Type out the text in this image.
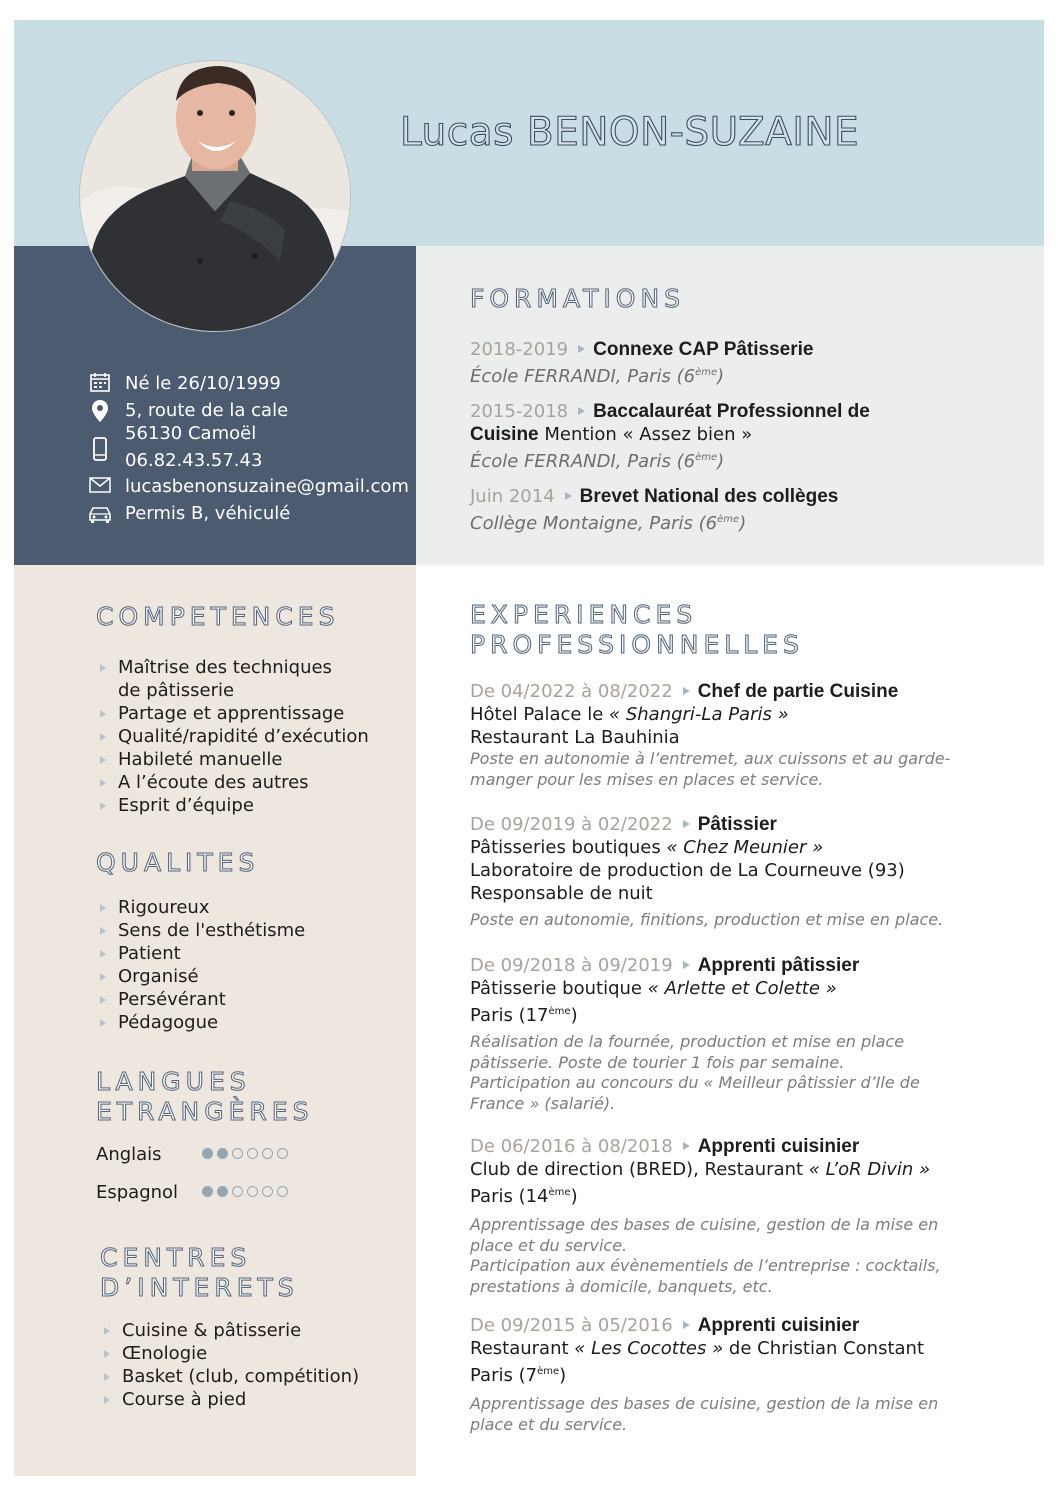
Lucas BENON-SUZAINE
Né le 26/10/1999
5, route de la cale
56130 Camoël
06.82.43.57.43
lucasbenonsuzaine@gmail.com
Permis B, véhiculé
FORMATIONS
2018-2019 Connexe CAP Pâtisserie
École FERRANDI, Paris (6ème)
2015-2018 Baccalauréat Professionnel de
Cuisine Mention « Assez bien »
École FERRANDI, Paris (6ème)
Juin 2014 Brevet National des collèges
Collège Montaigne, Paris (6ème)
COMPETENCES
Maîtrise des techniques
de pâtisserie
Partage et apprentissage
Qualité/rapidité d’exécution
Habileté manuelle
A l’écoute des autres
Esprit d’équipe
QUALITES
Rigoureux
Sens de l'esthétisme
Patient
Organisé
Persévérant
Pédagogue
LANGUES
ETRANGÈRES
Anglais
Espagnol
CENTRES
D’INTERETS
Cuisine & pâtisserie
Œnologie
Basket (club, compétition)
Course à pied
EXPERIENCES
PROFESSIONNELLES
De 04/2022 à 08/2022 Chef de partie Cuisine
Hôtel Palace le « Shangri-La Paris »
Restaurant La Bauhinia
Poste en autonomie à l’entremet, aux cuissons et au garde-
manger pour les mises en places et service.
De 09/2019 à 02/2022 Pâtissier
Pâtisseries boutiques « Chez Meunier »
Laboratoire de production de La Courneuve (93)
Responsable de nuit
Poste en autonomie, finitions, production et mise en place.
De 09/2018 à 09/2019 Apprenti pâtissier
Pâtisserie boutique « Arlette et Colette »
Paris (17ème)
Réalisation de la fournée, production et mise en place
pâtisserie. Poste de tourier 1 fois par semaine.
Participation au concours du « Meilleur pâtissier d’Ile de
France » (salarié).
De 06/2016 à 08/2018 Apprenti cuisinier
Club de direction (BRED), Restaurant « L’oR Divin »
Paris (14ème)
Apprentissage des bases de cuisine, gestion de la mise en
place et du service.
Participation aux évènementiels de l’entreprise : cocktails,
prestations à domicile, banquets, etc.
De 09/2015 à 05/2016 Apprenti cuisinier
Restaurant « Les Cocottes » de Christian Constant
Paris (7ème)
Apprentissage des bases de cuisine, gestion de la mise en
place et du service.
